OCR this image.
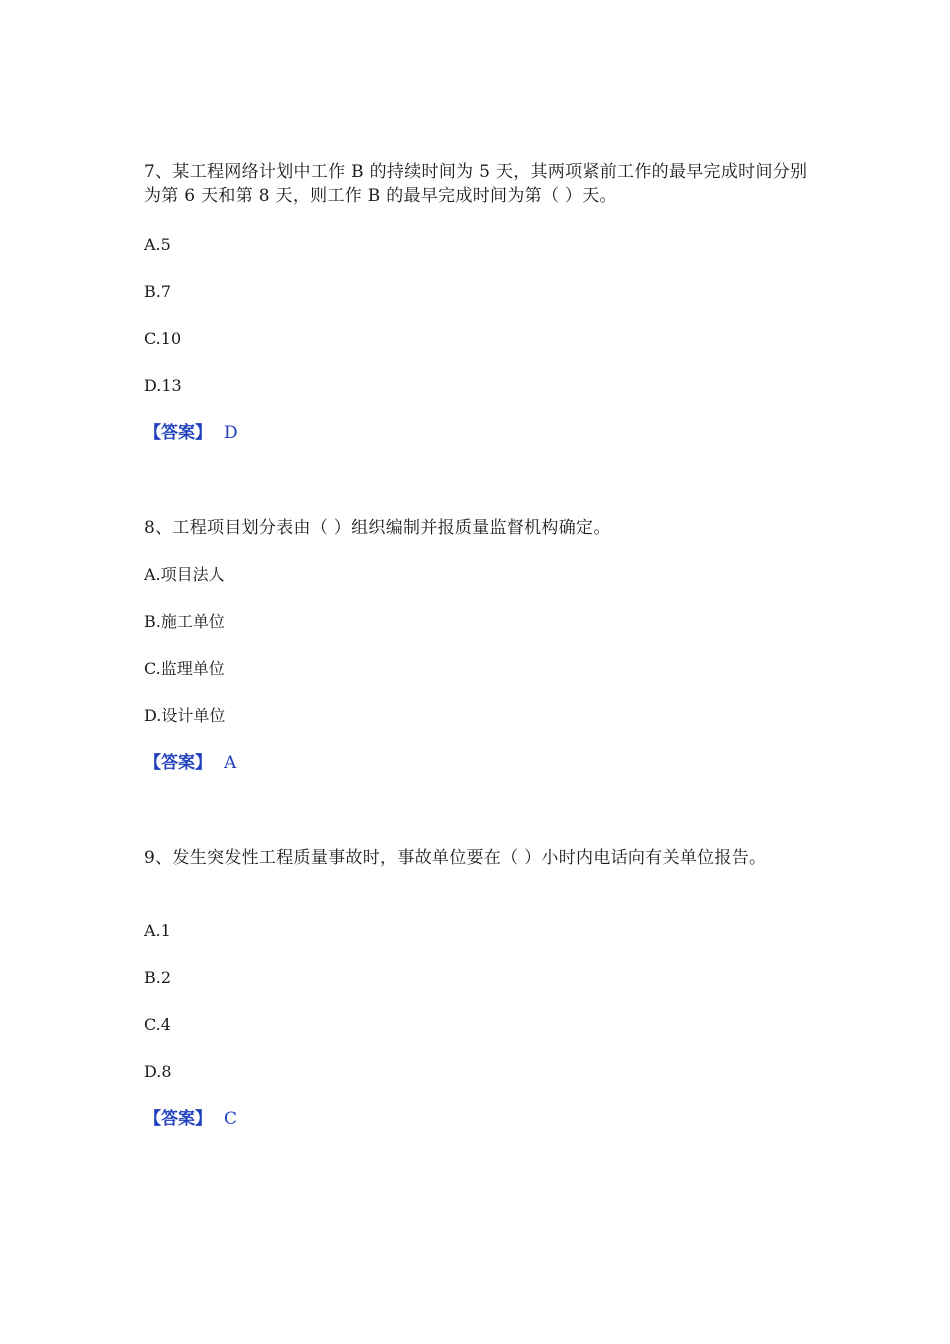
7、某工程网络计划中工作 B 的持续时间为 5 天，其两项紧前工作的最早完成时间分别为第 6 天和第 8 天，则工作 B 的最早完成时间为第（ ）天。

A.5

B.7

C.10

D.13

【答案】 D

8、工程项目划分表由（ ）组织编制并报质量监督机构确定。

A.项目法人

B.施工单位

C.监理单位

D.设计单位

【答案】 A

9、发生突发性工程质量事故时，事故单位要在（ ）小时内电话向有关单位报告。

A.1

B.2

C.4

D.8

【答案】 C
